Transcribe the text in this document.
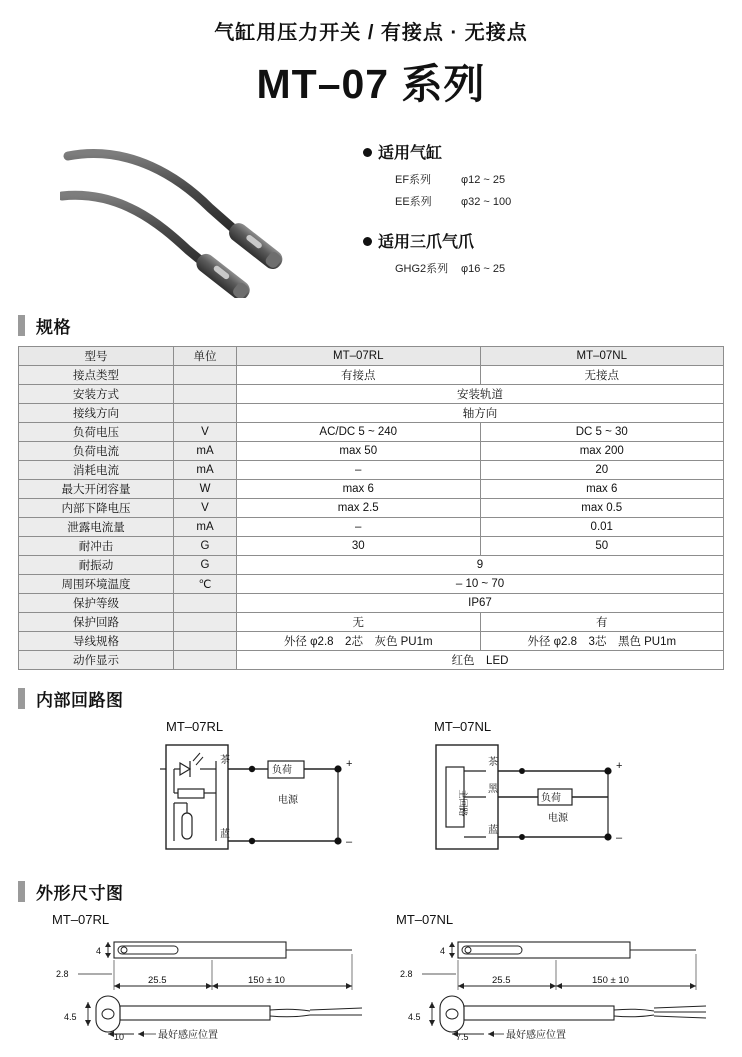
气缸用压力开关 / 有接点 · 无接点
MT–07 系列
适用气缸
EF系列	φ12 ~ 25
EE系列	φ32 ~ 100
适用三爪气爪
GHG2系列 φ16 ~ 25
规格
型号	单位	MT–07RL	MT–07NL
接点类型		有接点	无接点
安装方式		安装轨道	
接线方向		轴方向	
负荷电压	V	AC/DC 5 ~ 240	DC 5 ~ 30
负荷电流	mA	max 50	max 200
消耗电流	mA	–	20
最大开闭容量	W	max 6	max 6
内部下降电压	V	max 2.5	max 0.5
泄露电流量	mA	–	0.01
耐冲击	G	30	50
耐振动	G	9	
周围环境温度	℃	– 10 ~ 70	
保护等级		IP67	
保护回路		无	有
导线规格		外径 φ2.8　2芯　灰色 PU1m	外径 φ2.8　3芯　黑色 PU1m
动作显示		红色　LED	
内部回路图
MT–07RL	MT–07NL
茶
蓝
负荷
电源
+
–
主回路
茶
黑
蓝
负荷
电源
+
–
外形尺寸图
MT–07RL	MT–07NL
4
2.8
25.5	150 ± 10
4.5
10	最好感应位置
4
2.8
25.5	150 ± 10
4.5
7.5	最好感应位置
